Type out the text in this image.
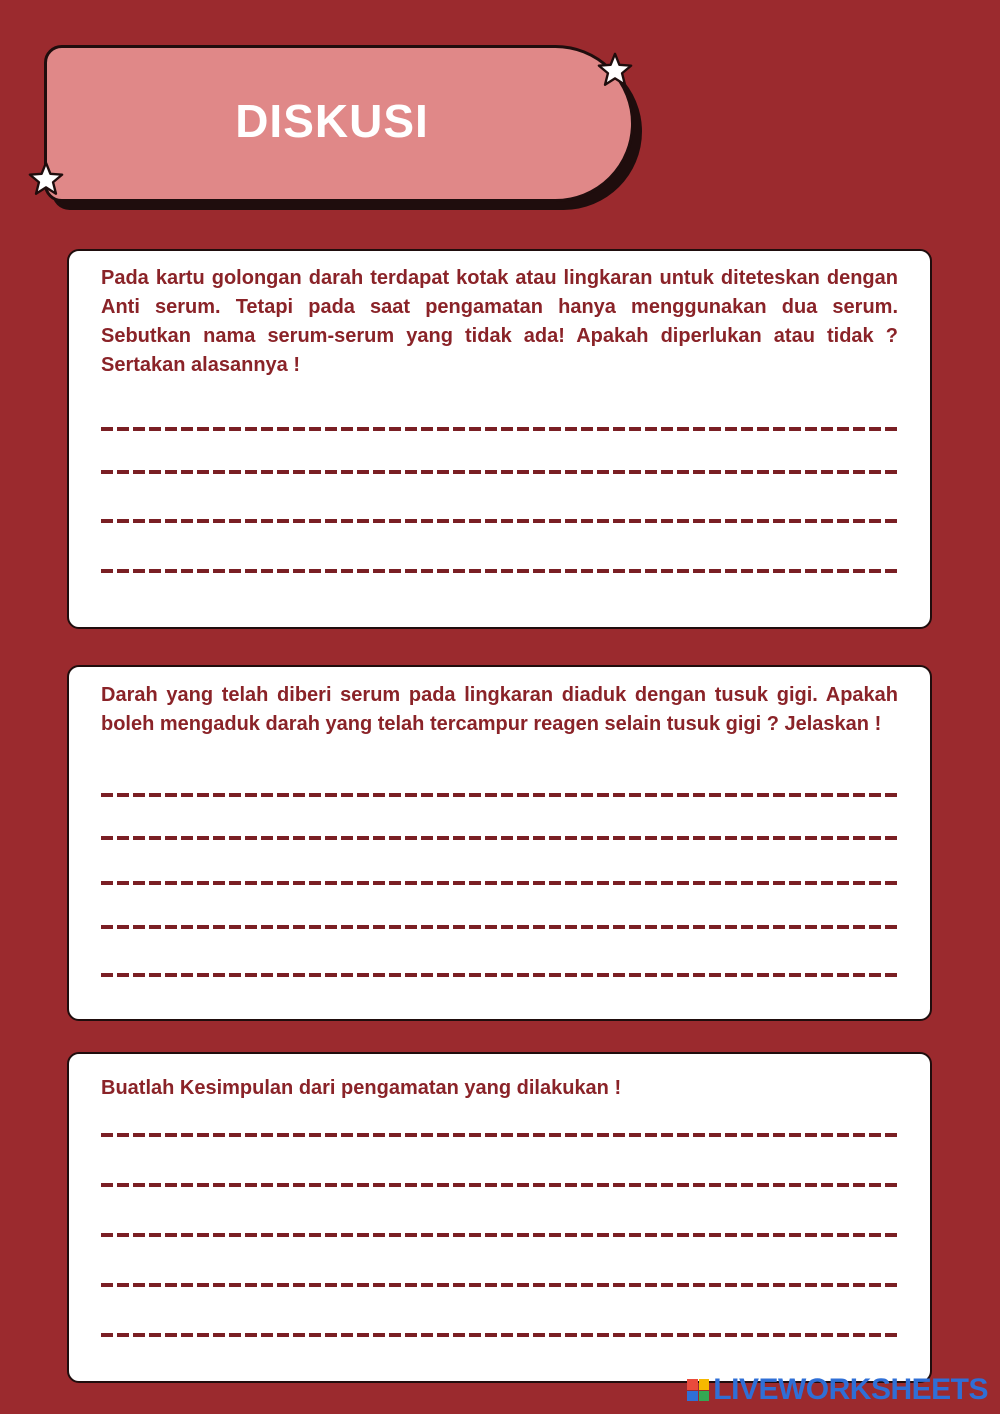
DISKUSI

Pada kartu golongan darah terdapat kotak atau lingkaran untuk diteteskan dengan Anti serum. Tetapi pada saat pengamatan hanya menggunakan dua serum. Sebutkan nama serum-serum yang tidak ada! Apakah diperlukan atau tidak ? Sertakan alasannya !

Darah yang telah diberi serum pada lingkaran diaduk dengan tusuk gigi. Apakah boleh mengaduk darah yang telah tercampur reagen selain tusuk gigi ? Jelaskan !

Buatlah Kesimpulan dari pengamatan yang dilakukan !

LIVEWORKSHEETS
